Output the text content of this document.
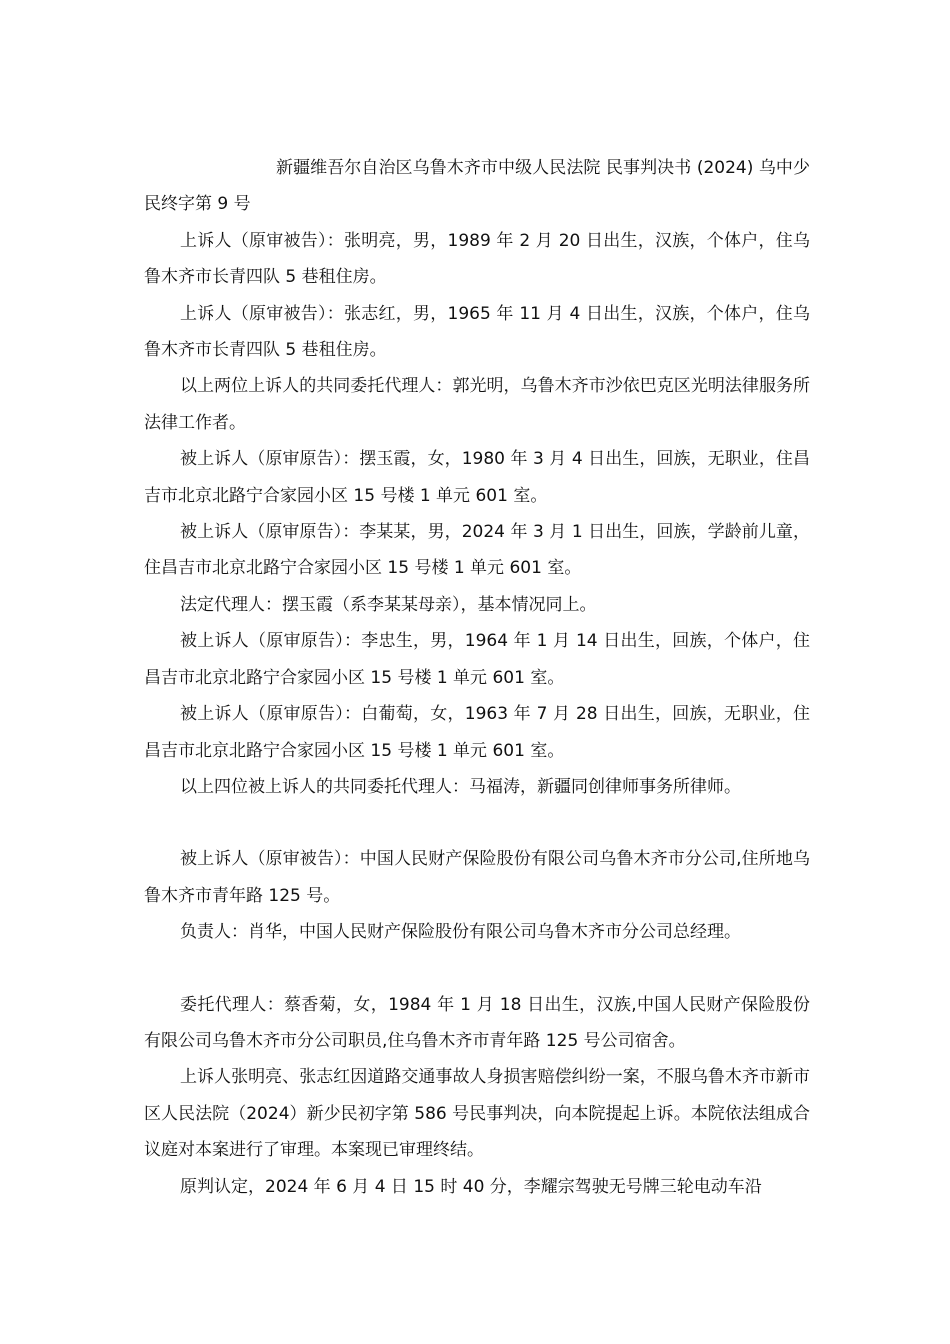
新疆维吾尔自治区乌鲁木齐市中级人民法院 民事判决书 (2024) 乌中少民终字第 9 号

上诉人（原审被告）：张明亮，男，1989 年 2 月 20 日出生，汉族，个体户，住乌鲁木齐市长青四队 5 巷租住房。

上诉人（原审被告）：张志红，男，1965 年 11 月 4 日出生，汉族，个体户，住乌鲁木齐市长青四队 5 巷租住房。

以上两位上诉人的共同委托代理人：郭光明，乌鲁木齐市沙依巴克区光明法律服务所法律工作者。

被上诉人（原审原告）：摆玉霞，女，1980 年 3 月 4 日出生，回族，无职业，住昌吉市北京北路宁合家园小区 15 号楼 1 单元 601 室。

被上诉人（原审原告）：李某某，男，2024 年 3 月 1 日出生，回族，学龄前儿童，住昌吉市北京北路宁合家园小区 15 号楼 1 单元 601 室。

法定代理人：摆玉霞（系李某某母亲），基本情况同上。

被上诉人（原审原告）：李忠生，男，1964 年 1 月 14 日出生，回族，个体户，住昌吉市北京北路宁合家园小区 15 号楼 1 单元 601 室。

被上诉人（原审原告）：白葡萄，女，1963 年 7 月 28 日出生，回族，无职业，住昌吉市北京北路宁合家园小区 15 号楼 1 单元 601 室。

以上四位被上诉人的共同委托代理人：马福涛，新疆同创律师事务所律师。

被上诉人（原审被告）：中国人民财产保险股份有限公司乌鲁木齐市分公司,住所地乌鲁木齐市青年路 125 号。

负责人：肖华，中国人民财产保险股份有限公司乌鲁木齐市分公司总经理。

委托代理人：蔡香菊，女，1984 年 1 月 18 日出生，汉族,中国人民财产保险股份有限公司乌鲁木齐市分公司职员,住乌鲁木齐市青年路 125 号公司宿舍。

上诉人张明亮、张志红因道路交通事故人身损害赔偿纠纷一案，不服乌鲁木齐市新市区人民法院（2024）新少民初字第 586 号民事判决，向本院提起上诉。本院依法组成合议庭对本案进行了审理。本案现已审理终结。

原判认定，2024 年 6 月 4 日 15 时 40 分，李耀宗驾驶无号牌三轮电动车沿
